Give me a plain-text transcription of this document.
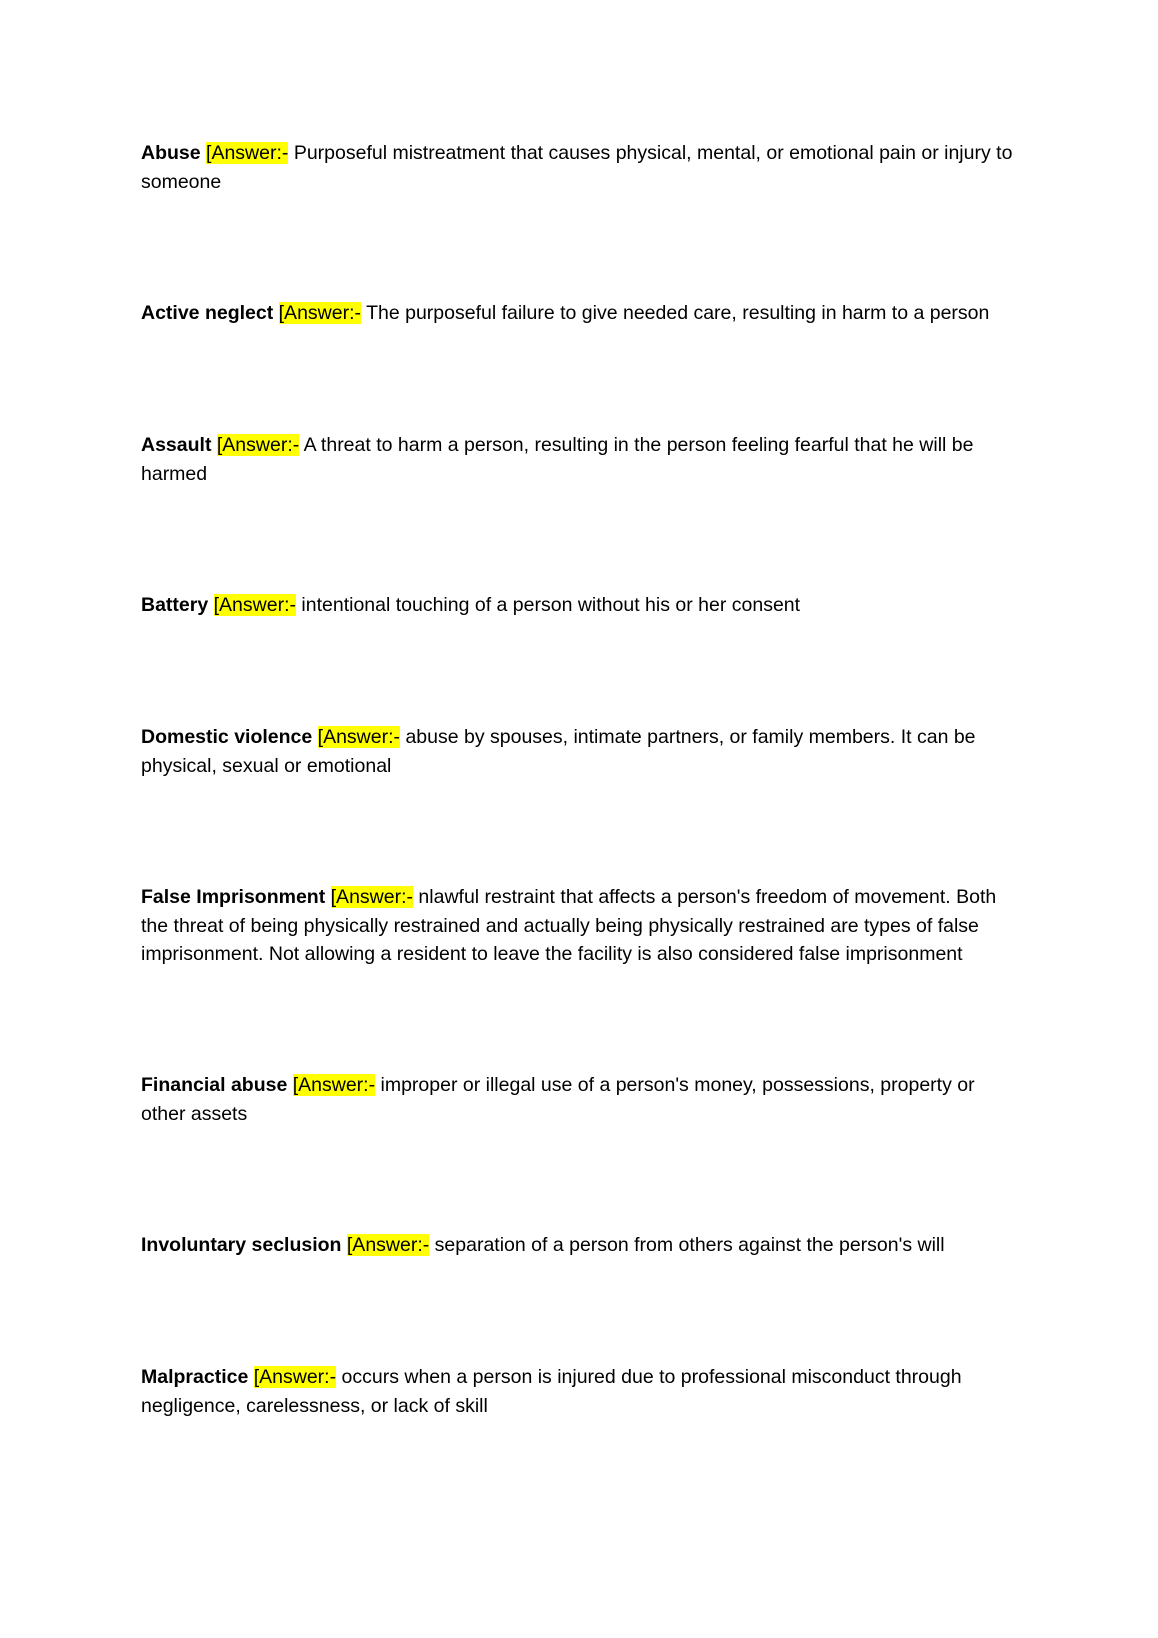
Abuse [Answer:- Purposeful mistreatment that causes physical, mental, or emotional pain or injury to someone

Active neglect [Answer:- The purposeful failure to give needed care, resulting in harm to a person

Assault [Answer:- A threat to harm a person, resulting in the person feeling fearful that he will be harmed

Battery [Answer:- intentional touching of a person without his or her consent

Domestic violence [Answer:- abuse by spouses, intimate partners, or family members. It can be physical, sexual or emotional

False Imprisonment [Answer:- nlawful restraint that affects a person's freedom of movement. Both the threat of being physically restrained and actually being physically restrained are types of false imprisonment. Not allowing a resident to leave the facility is also considered false imprisonment

Financial abuse [Answer:- improper or illegal use of a person's money, possessions, property or other assets

Involuntary seclusion [Answer:- separation of a person from others against the person's will

Malpractice [Answer:- occurs when a person is injured due to professional misconduct through negligence, carelessness, or lack of skill
